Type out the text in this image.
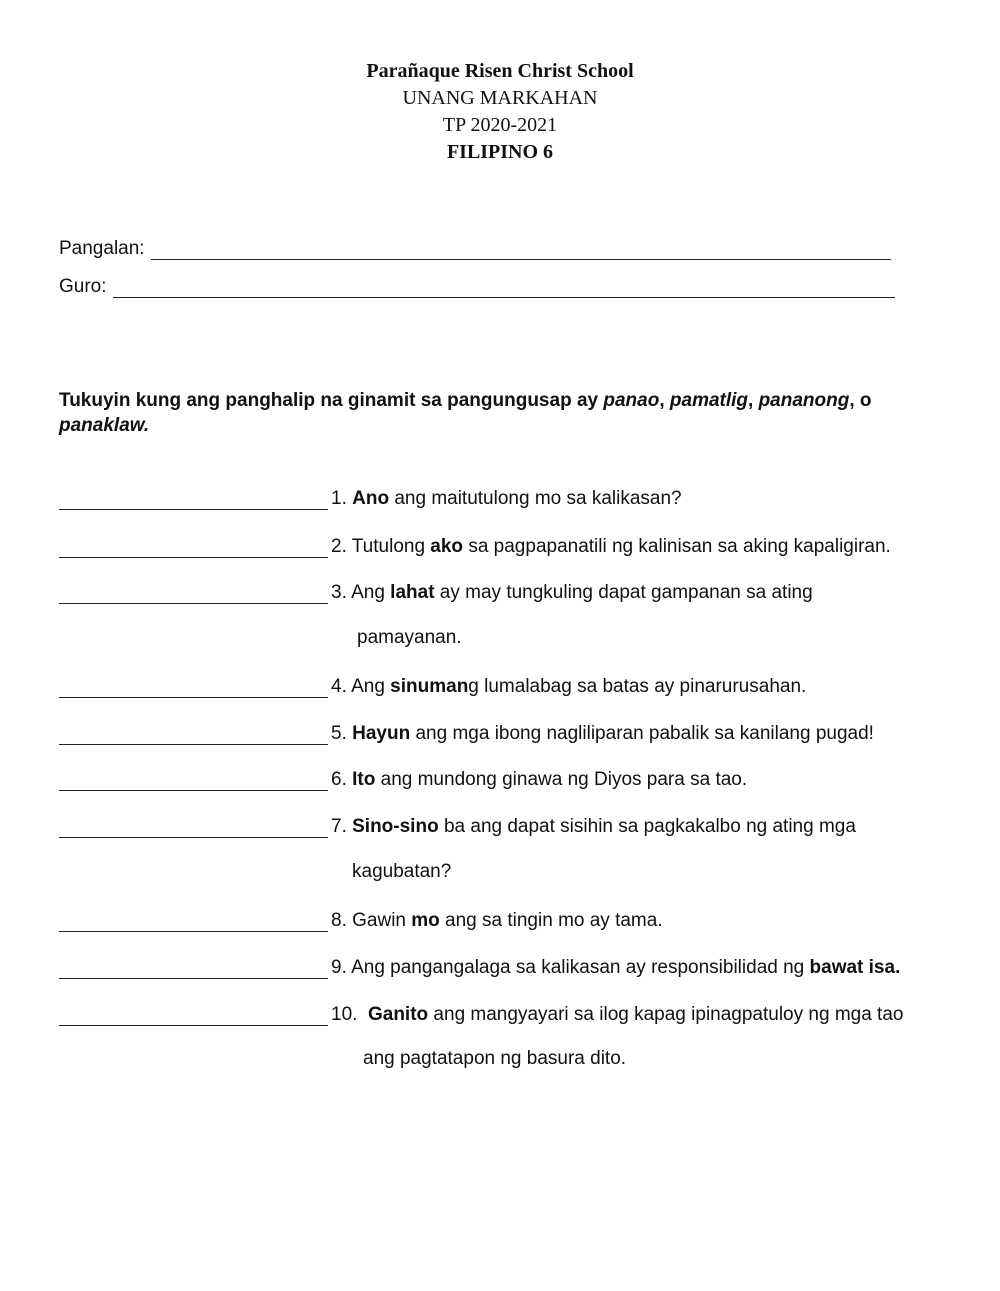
Parañaque Risen Christ School
UNANG MARKAHAN
TP 2020-2021
FILIPINO 6
Pangalan:
Guro:
Tukuyin kung ang panghalip na ginamit sa pangungusap ay panao, pamatlig, pananong, o panaklaw.
1. Ano ang maitutulong mo sa kalikasan?
2. Tutulong ako sa pagpapanatili ng kalinisan sa aking kapaligiran.
3. Ang lahat ay may tungkuling dapat gampanan sa ating
pamayanan.
4. Ang sinumang lumalabag sa batas ay pinarurusahan.
5. Hayun ang mga ibong nagliliparan pabalik sa kanilang pugad!
6. Ito ang mundong ginawa ng Diyos para sa tao.
7. Sino-sino ba ang dapat sisihin sa pagkakalbo ng ating mga
kagubatan?
8. Gawin mo ang sa tingin mo ay tama.
9. Ang pangangalaga sa kalikasan ay responsibilidad ng bawat isa.
10.  Ganito ang mangyayari sa ilog kapag ipinagpatuloy ng mga tao
ang pagtatapon ng basura dito.
